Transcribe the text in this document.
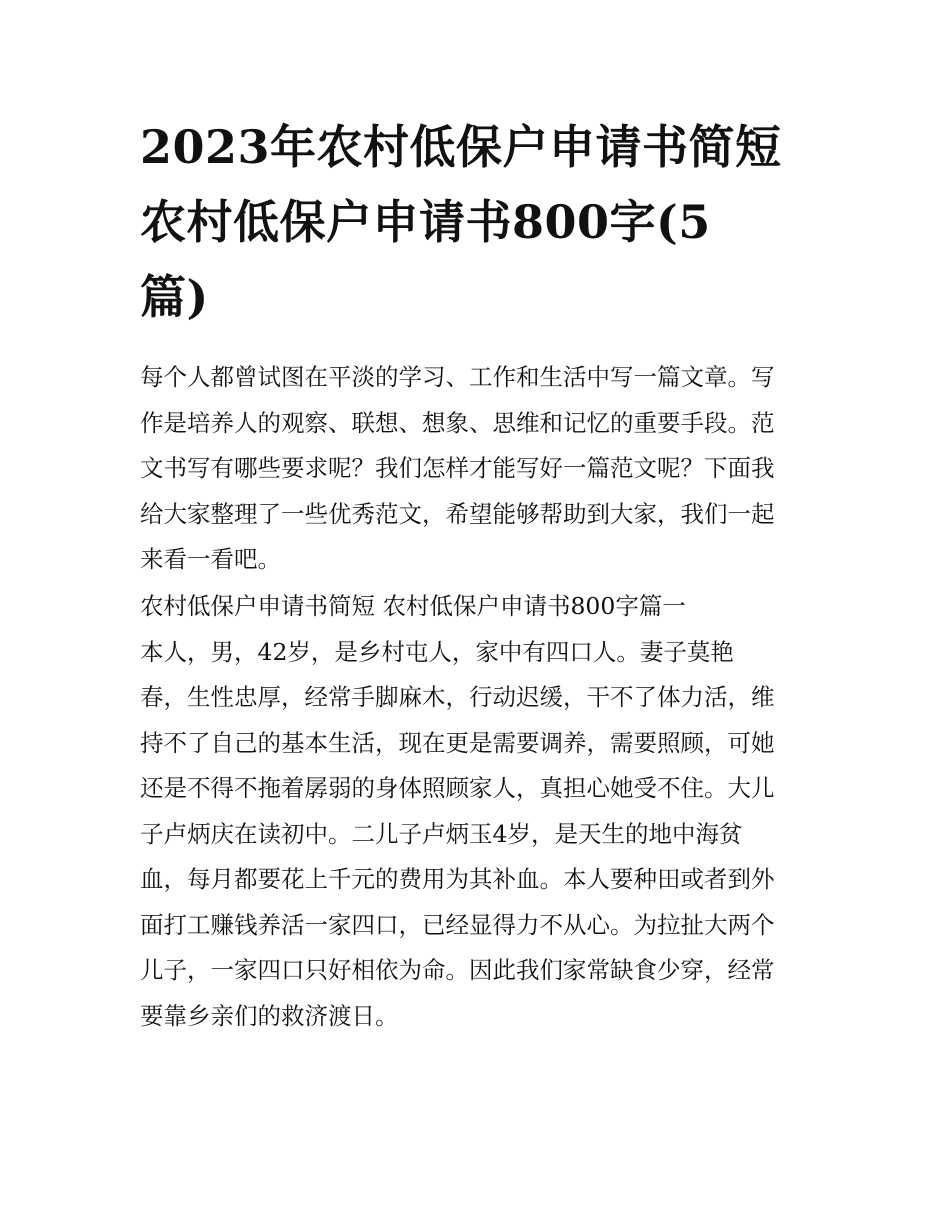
2023年农村低保户申请书简短
农村低保户申请书800字(5
篇)

每个人都曾试图在平淡的学习、工作和生活中写一篇文章。写
作是培养人的观察、联想、想象、思维和记忆的重要手段。范
文书写有哪些要求呢？我们怎样才能写好一篇范文呢？下面我
给大家整理了一些优秀范文，希望能够帮助到大家，我们一起
来看一看吧。

农村低保户申请书简短 农村低保户申请书800字篇一

本人，男，42岁，是乡村屯人，家中有四口人。妻子莫艳
春，生性忠厚，经常手脚麻木，行动迟缓，干不了体力活，维
持不了自己的基本生活，现在更是需要调养，需要照顾，可她
还是不得不拖着孱弱的身体照顾家人，真担心她受不住。大儿
子卢炳庆在读初中。二儿子卢炳玉4岁，是天生的地中海贫
血，每月都要花上千元的费用为其补血。本人要种田或者到外
面打工赚钱养活一家四口，已经显得力不从心。为拉扯大两个
儿子，一家四口只好相依为命。因此我们家常缺食少穿，经常
要靠乡亲们的救济渡日。
